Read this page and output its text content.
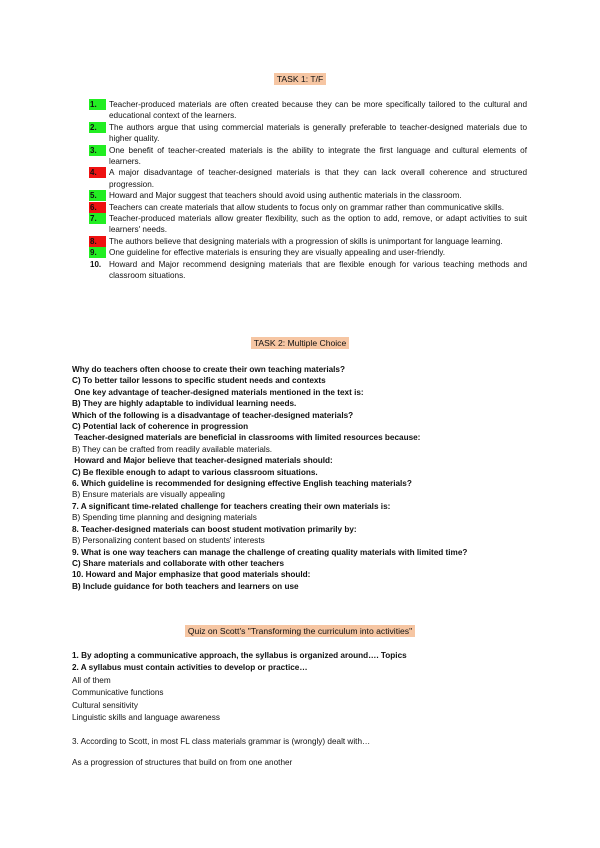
TASK 1: T/F

1.	Teacher-produced materials are often created because they can be more specifically tailored to the cultural and educational context of the learners.

2.	The authors argue that using commercial materials is generally preferable to teacher-designed materials due to higher quality.

3.	One benefit of teacher-created materials is the ability to integrate the first language and cultural elements of learners.

4.	A major disadvantage of teacher-designed materials is that they can lack overall coherence and structured progression.

5.	Howard and Major suggest that teachers should avoid using authentic materials in the classroom.

6.	Teachers can create materials that allow students to focus only on grammar rather than communicative skills.

7.	Teacher-produced materials allow greater flexibility, such as the option to add, remove, or adapt activities to suit learners' needs.

8.	The authors believe that designing materials with a progression of skills is unimportant for language learning.

9.	One guideline for effective materials is ensuring they are visually appealing and user-friendly.

10. Howard and Major recommend designing materials that are flexible enough for various teaching methods and classroom situations.

TASK 2: Multiple Choice

Why do teachers often choose to create their own teaching materials?

C) To better tailor lessons to specific student needs and contexts

One key advantage of teacher-designed materials mentioned in the text is:

B) They are highly adaptable to individual learning needs.

Which of the following is a disadvantage of teacher-designed materials?

C) Potential lack of coherence in progression

Teacher-designed materials are beneficial in classrooms with limited resources because:

B) They can be crafted from readily available materials.

Howard and Major believe that teacher-designed materials should:

C) Be flexible enough to adapt to various classroom situations.

6. Which guideline is recommended for designing effective English teaching materials?

B) Ensure materials are visually appealing

7. A significant time-related challenge for teachers creating their own materials is:

B) Spending time planning and designing materials

8. Teacher-designed materials can boost student motivation primarily by:

B) Personalizing content based on students' interests

9. What is one way teachers can manage the challenge of creating quality materials with limited time?

C) Share materials and collaborate with other teachers

10. Howard and Major emphasize that good materials should:

B) Include guidance for both teachers and learners on use

Quiz on Scott's "Transforming the curriculum into activities"

1. By adopting a communicative approach, the syllabus is organized around…. Topics

2. A syllabus must contain activities to develop or practice…

All of them

Communicative functions

Cultural sensitivity

Linguistic skills and language awareness

3. According to Scott, in most FL class materials grammar is (wrongly) dealt with…

As a progression of structures that build on from one another
